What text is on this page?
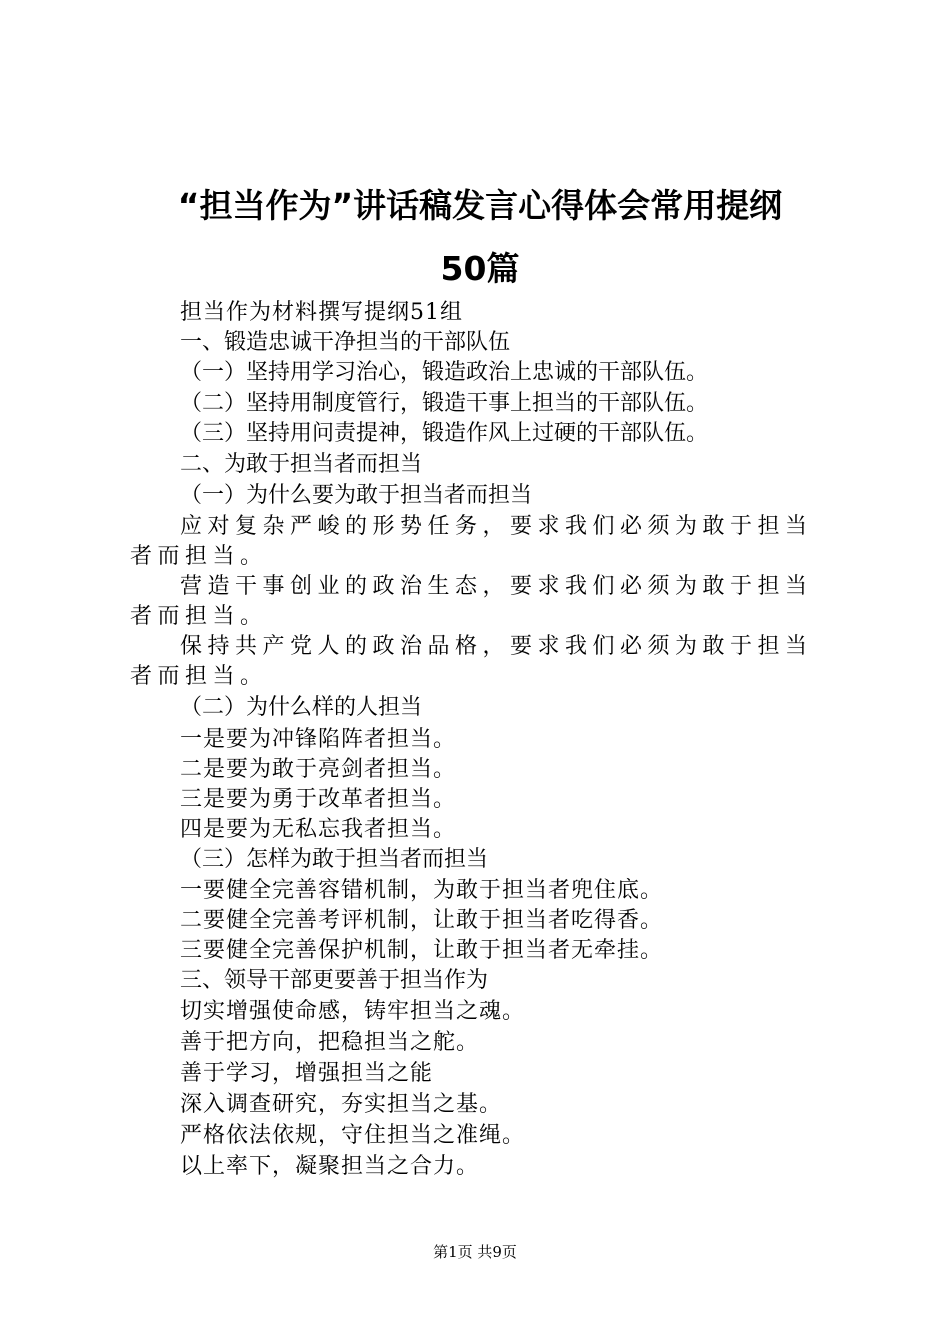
“担当作为”讲话稿发言心得体会常用提纲
50篇
担当作为材料撰写提纲51组
一、锻造忠诚干净担当的干部队伍
（一）坚持用学习治心，锻造政治上忠诚的干部队伍。
（二）坚持用制度管行，锻造干事上担当的干部队伍。
（三）坚持用问责提神，锻造作风上过硬的干部队伍。
二、为敢于担当者而担当
（一）为什么要为敢于担当者而担当
应对复杂严峻的形势任务，要求我们必须为敢于担当者而担当。
营造干事创业的政治生态，要求我们必须为敢于担当者而担当。
保持共产党人的政治品格，要求我们必须为敢于担当者而担当。
（二）为什么样的人担当
一是要为冲锋陷阵者担当。
二是要为敢于亮剑者担当。
三是要为勇于改革者担当。
四是要为无私忘我者担当。
（三）怎样为敢于担当者而担当
一要健全完善容错机制，为敢于担当者兜住底。
二要健全完善考评机制，让敢于担当者吃得香。
三要健全完善保护机制，让敢于担当者无牵挂。
三、领导干部更要善于担当作为
切实增强使命感，铸牢担当之魂。
善于把方向，把稳担当之舵。
善于学习，增强担当之能
深入调查研究，夯实担当之基。
严格依法依规，守住担当之准绳。
以上率下，凝聚担当之合力。
第1页 共9页
